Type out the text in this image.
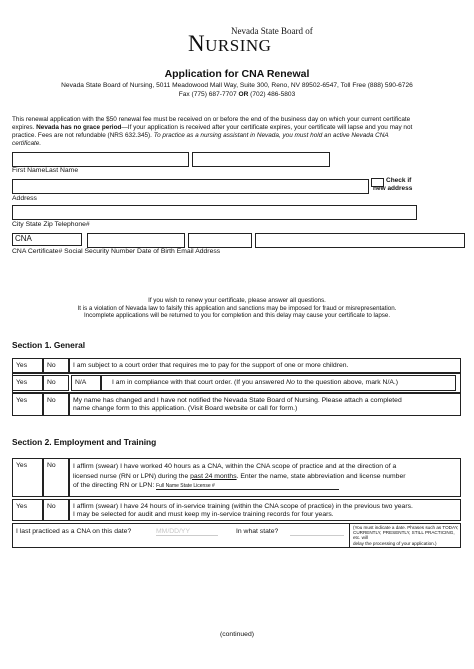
Nevada State Board of
NURSING
Application for CNA Renewal
Nevada State Board of Nursing, 5011 Meadowood Mall Way, Suite 300, Reno, NV 89502-6547, Toll Free (888) 590-6726
Fax (775) 687-7707 OR (702) 486-5803
This renewal application with the $50 renewal fee must be received on or before the end of the business day on which your current certificate
expires. Nevada has no grace period—If your application is received after your certificate expires, your certificate will lapse and you may not
practice. Fees are not refundable (NRS 632.345). To practice as a nursing assistant in Nevada, you must hold an active Nevada CNA
certificate.
First NameLast Name
Check if
new address
Address
City State Zip Telephone#
CNA
CNA Certificate# Social Security Number Date of Birth Email Address
If you wish to renew your certificate, please answer all questions.
It is a violation of Nevada law to falsify this application and sanctions may be imposed for fraud or misrepresentation.
Incomplete applications will be returned to you for completion and this delay may cause your certificate to lapse.
Section 1. General
Yes	No	I am subject to a court order that requires me to pay for the support of one or more children.
Yes	No	N/A	I am in compliance with that court order. (If you answered No to the question above, mark N/A.)
Yes	No	My name has changed and I have not notified the Nevada State Board of Nursing. Please attach a completed
name change form to this application. (Visit Board website or call for form.)
Section 2. Employment and Training
Yes	No	I affirm (swear) I have worked 40 hours as a CNA, within the CNA scope of practice and at the direction of a
licensed nurse (RN or LPN) during the past 24 months. Enter the name, state abbreviation and license number
of the directing RN or LPN: Full Name State License #
Yes	No	I affirm (swear) I have 24 hours of in-service training (within the CNA scope of practice) in the previous two years.
I may be selected for audit and must keep my in-service training records for four years.
I last practiced as a CNA on this date?	MM/DD/YY	In what state?
(You must indicate a date. Phrases such as TODAY,
CURRENTLY, PRESENTLY, STILL PRACTICING, etc. will
delay the processing of your application.)
(continued)
